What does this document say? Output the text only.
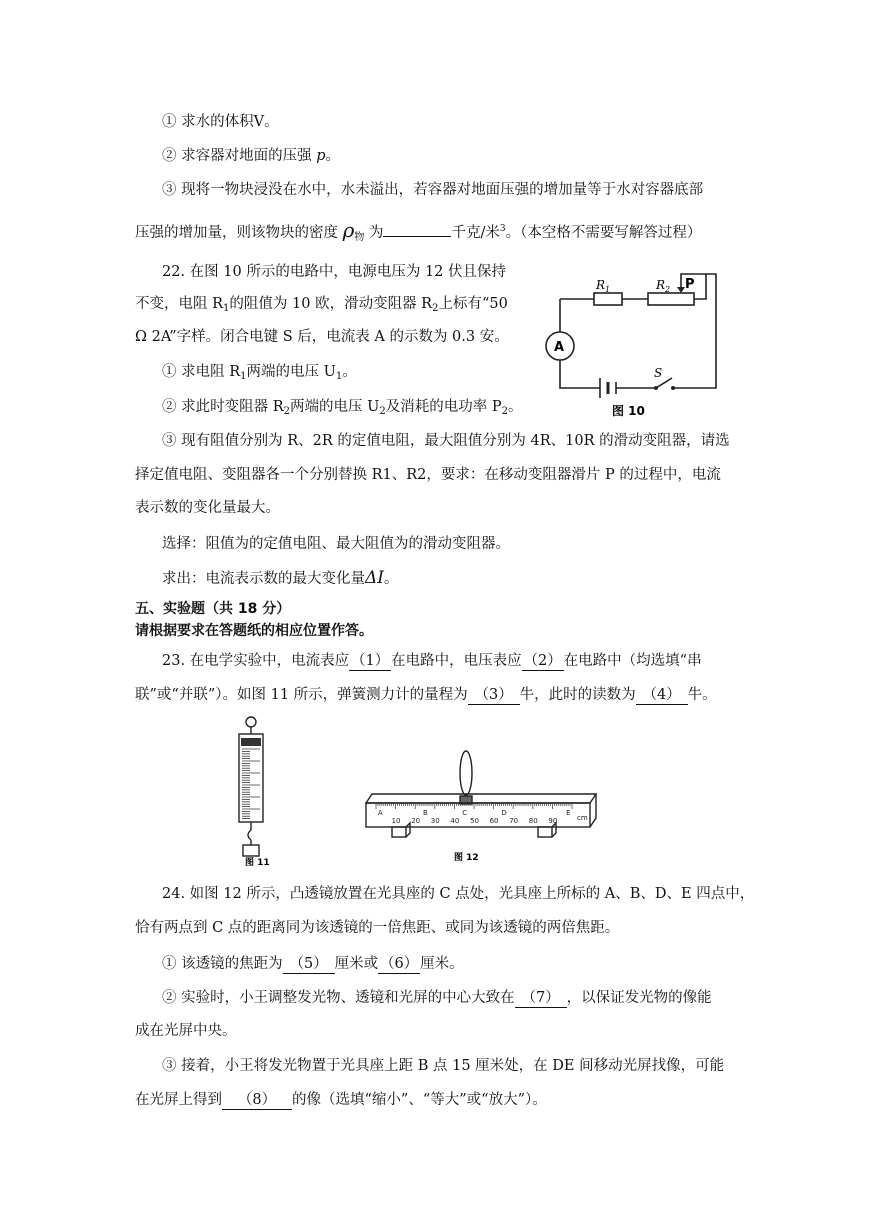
① 求水的体积V。
② 求容器对地面的压强 p。
③ 现将一物块浸没在水中，水未溢出，若容器对地面压强的增加量等于水对容器底部
压强的增加量，则该物块的密度 $\rho_物$ 为	千克/米$^3$。（本空格不需要写解答过程）
22. 在图 10 所示的电路中，电源电压为 12 伏且保持
不变，电阻 $R_1$的阻值为 10 欧，滑动变阻器 $R_2$上标有“50
Ω 2A”字样。闭合电键 S 后，电流表 A 的示数为 0.3 安。
① 求电阻 $R_1$两端的电压 $U_1$。
② 求此时变阻器 $R_2$两端的电压 $U_2$及消耗的电功率 $P_2$。
③ 现有阻值分别为 R、2R 的定值电阻，最大阻值分别为 4R、10R 的滑动变阻器，请选
择定值电阻、变阻器各一个分别替换 R1、R2，要求：在移动变阻器滑片 P 的过程中，电流
表示数的变化量最大。
选择：阻值为的定值电阻、最大阻值为的滑动变阻器。
求出：电流表示数的最大变化量ΔI。
$R_1$	$R_2$ P
A
S
图 10
五、实验题（共 18 分）
请根据要求在答题纸的相应位置作答。
23. 在电学实验中，电流表应 （1） 在电路中，电压表应 （2） 在电路中（均选填“串
联”或“并联”）。如图 11 所示，弹簧测力计的量程为 （3） 牛，此时的读数为 （4） 牛。
图 11
10 20 30 40 50 60 70 80 90
A	B	C	D	E
cm
图 12
24. 如图 12 所示，凸透镜放置在光具座的 C 点处，光具座上所标的 A、B、D、E 四点中，
恰有两点到 C 点的距离同为该透镜的一倍焦距、或同为该透镜的两倍焦距。
① 该透镜的焦距为 （5） 厘米或 （6） 厘米。
② 实验时，小王调整发光物、透镜和光屏的中心大致在 （7） ，以保证发光物的像能
成在光屏中央。
③ 接着，小王将发光物置于光具座上距 B 点 15 厘米处，在 DE 间移动光屏找像，可能
在光屏上得到 （8） 的像（选填“缩小”、“等大”或“放大”）。
